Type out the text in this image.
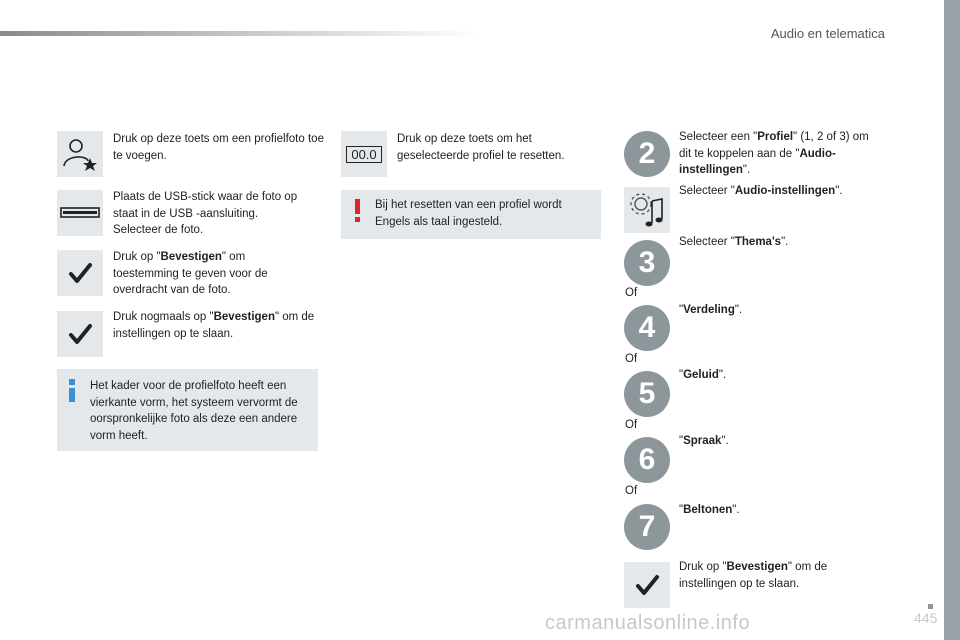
Audio en telematica
Druk op deze toets om een profielfoto toe te voegen.
Plaats de USB-stick waar de foto op
staat in de USB -aansluiting.
Selecteer de foto.
Druk op "Bevestigen" om toestemming te geven voor de overdracht van de foto.
Druk nogmaals op "Bevestigen" om de instellingen op te slaan.
Het kader voor de profielfoto heeft een vierkante vorm, het systeem vervormt de oorspronkelijke foto als deze een andere vorm heeft.
00.0
Druk op deze toets om het geselecteerde profiel te resetten.
Bij het resetten van een profiel wordt Engels als taal ingesteld.
2	Selecteer een "Profiel" (1, 2 of 3) om dit te koppelen aan de "Audio-instellingen".
Selecteer "Audio-instellingen".
3
Selecteer "Thema's".
Of
4
"Verdeling".
Of
5
"Geluid".
Of
6
"Spraak".
Of
7	"Beltonen".
Druk op "Bevestigen" om de instellingen op te slaan.
carmanualsonline.info	445
